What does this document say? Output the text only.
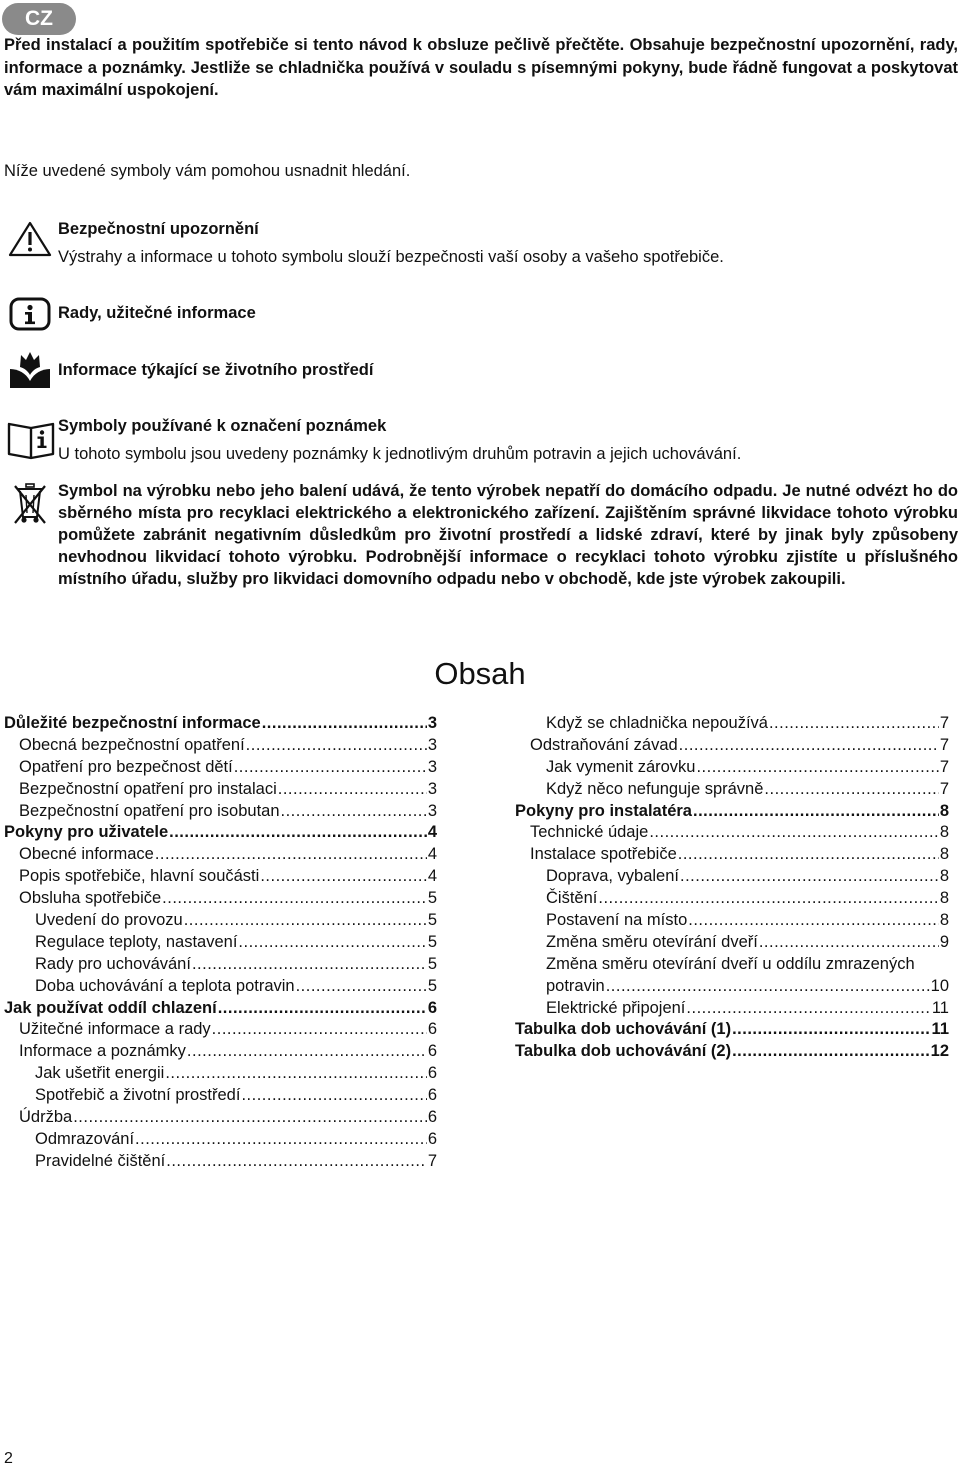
CZ

Před instalací a použitím spotřebiče si tento návod k obsluze pečlivě přečtěte. Obsahuje bezpečnostní upozornění, rady, informace a poznámky. Jestliže se chladnička používá v souladu s písemnými pokyny, bude řádně fungovat a poskytovat vám maximální uspokojení.

Níže uvedené symboly vám pomohou usnadnit hledání.

Bezpečnostní upozornění

Výstrahy a informace u tohoto symbolu slouží bezpečnosti vaší osoby a vašeho spotřebiče.

Rady, užitečné informace

Informace týkající se životního prostředí

Symboly používané k označení poznámek

U tohoto symbolu jsou uvedeny poznámky k jednotlivým druhům potravin a jejich uchovávání.

Symbol na výrobku nebo jeho balení udává, že tento výrobek nepatří do domácího odpadu. Je nutné odvézt ho do sběrného místa pro recyklaci elektrického a elektronického zařízení. Zajištěním správné likvidace tohoto výrobku pomůžete zabránit negativním důsledkům pro životní prostředí a lidské zdraví, které by jinak byly způsobeny nevhodnou likvidací tohoto výrobku. Podrobnější informace o recyklaci tohoto výrobku zjistíte u příslušného místního úřadu, služby pro likvidaci domovního odpadu nebo v obchodě, kde jste výrobek zakoupili.

Obsah
Důležité bezpečnostní informace .....	3
Obecná bezpečnostní opatření .....	3
Opatření pro bezpečnost dětí .....	3
Bezpečnostní opatření pro instalaci .....	3
Bezpečnostní opatření pro isobutan .....	3
Pokyny pro uživatele .....	4
Obecné informace .....	4
Popis spotřebiče, hlavní součásti .....	4
Obsluha spotřebiče .....	5
Uvedení do provozu .....	5
Regulace teploty, nastavení .....	5
Rady pro uchovávání .....	5
Doba uchovávání a teplota potravin .....	5
Jak používat oddíl chlazení .....	6
Užitečné informace a rady .....	6
Informace a poznámky .....	6
Jak ušetřit energii .....	6
Spotřebič a životní prostředí .....	6
Údržba .....	6
Odmrazování .....	6
Pravidelné čištění .....	7
Když se chladnička nepoužívá .....	7
Odstraňování závad .....	7
Jak vymenit zárovku .....	7
Když něco nefunguje správně .....	7
Pokyny pro instalatéra .....	8
Technické údaje .....	8
Instalace spotřebiče .....	8
Doprava, vybalení .....	8
Čištění .....	8
Postavení na místo .....	8
Změna směru otevírání dveří .....	9
Změna směru otevírání dveří u oddílu zmrazených
potravin .....	10
Elektrické připojení .....	11
Tabulka dob uchovávání (1) .....	11
Tabulka dob uchovávání (2) .....	12

2
